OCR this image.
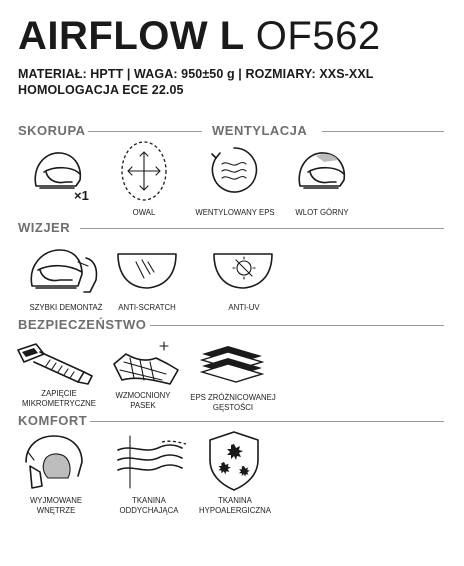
AIRFLOW L OF562
MATERIAŁ: HPTT | WAGA: 950±50 g | ROZMIARY: XXS-XXL
HOMOLOGACJA ECE 22.05
SKORUPA	WENTYLACJA
×1
OWAL	WENTYLOWANY EPS	WLOT GÓRNY
WIZJER
SZYBKI DEMONTAŻ	ANTI-SCRATCH	ANTI-UV
BEZPIECZEŃSTWO
ZAPIĘCIE
MIKROMETRYCZNE
WZMOCNIONY
PASEK
EPS ZRÓŻNICOWANEJ
GĘSTOŚCI
KOMFORT
WYJMOWANE
WNĘTRZE
TKANINA
ODDYCHAJĄCA
TKANINA
HYPOALERGICZNA
